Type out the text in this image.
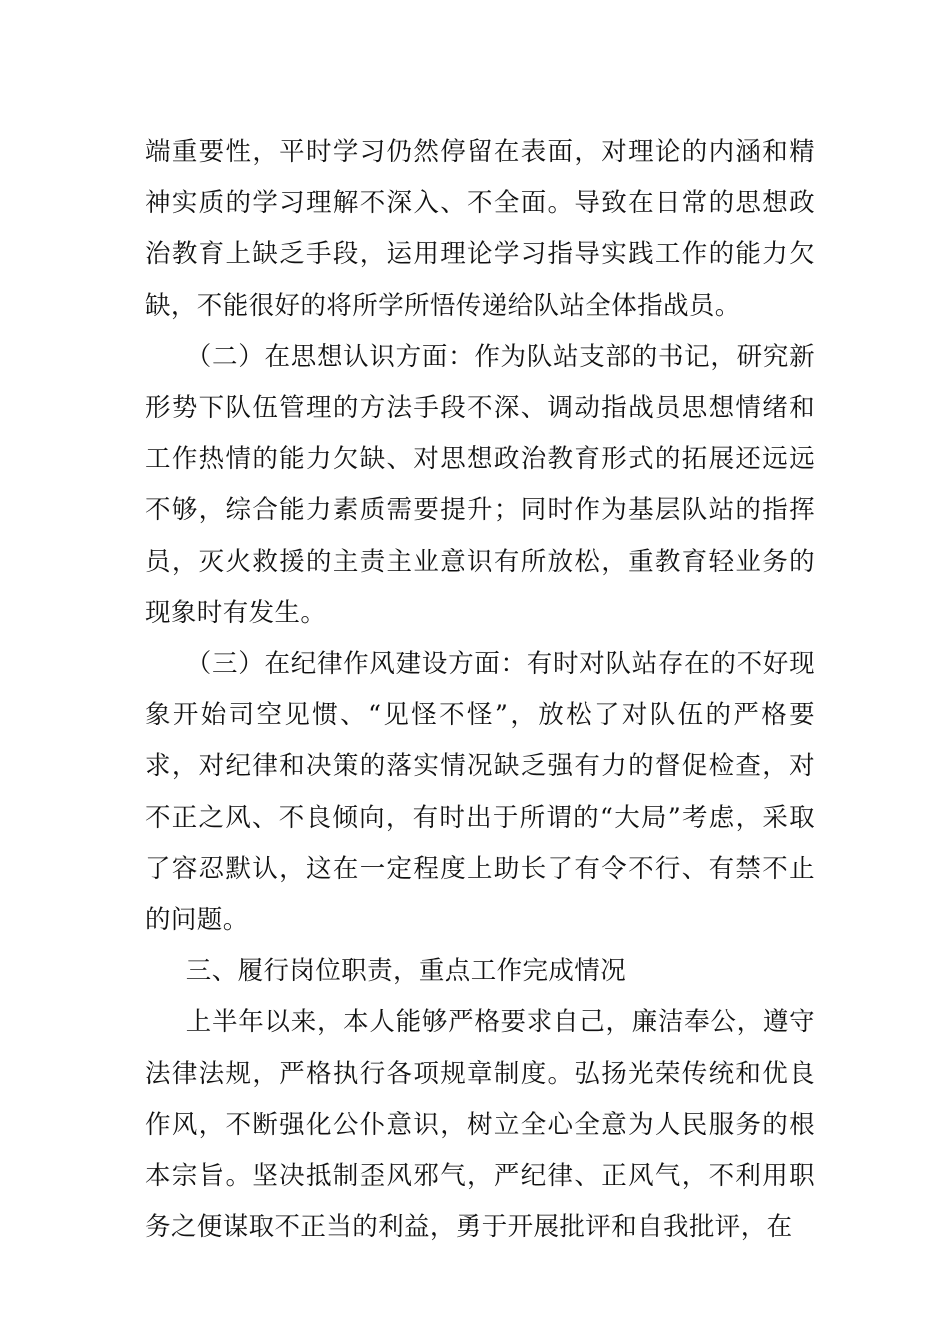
端重要性，平时学习仍然停留在表面，对理论的内涵和精神实质的学习理解不深入、不全面。导致在日常的思想政治教育上缺乏手段，运用理论学习指导实践工作的能力欠缺，不能很好的将所学所悟传递给队站全体指战员。

（二）在思想认识方面：作为队站支部的书记，研究新形势下队伍管理的方法手段不深、调动指战员思想情绪和工作热情的能力欠缺、对思想政治教育形式的拓展还远远不够，综合能力素质需要提升；同时作为基层队站的指挥员，灭火救援的主责主业意识有所放松，重教育轻业务的现象时有发生。

（三）在纪律作风建设方面：有时对队站存在的不好现象开始司空见惯、“见怪不怪”，放松了对队伍的严格要求，对纪律和决策的落实情况缺乏强有力的督促检查，对不正之风、不良倾向，有时出于所谓的“大局”考虑，采取了容忍默认，这在一定程度上助长了有令不行、有禁不止的问题。

三、履行岗位职责，重点工作完成情况

上半年以来，本人能够严格要求自己，廉洁奉公，遵守法律法规，严格执行各项规章制度。弘扬光荣传统和优良作风，不断强化公仆意识，树立全心全意为人民服务的根本宗旨。坚决抵制歪风邪气，严纪律、正风气，不利用职务之便谋取不正当的利益，勇于开展批评和自我批评，在
